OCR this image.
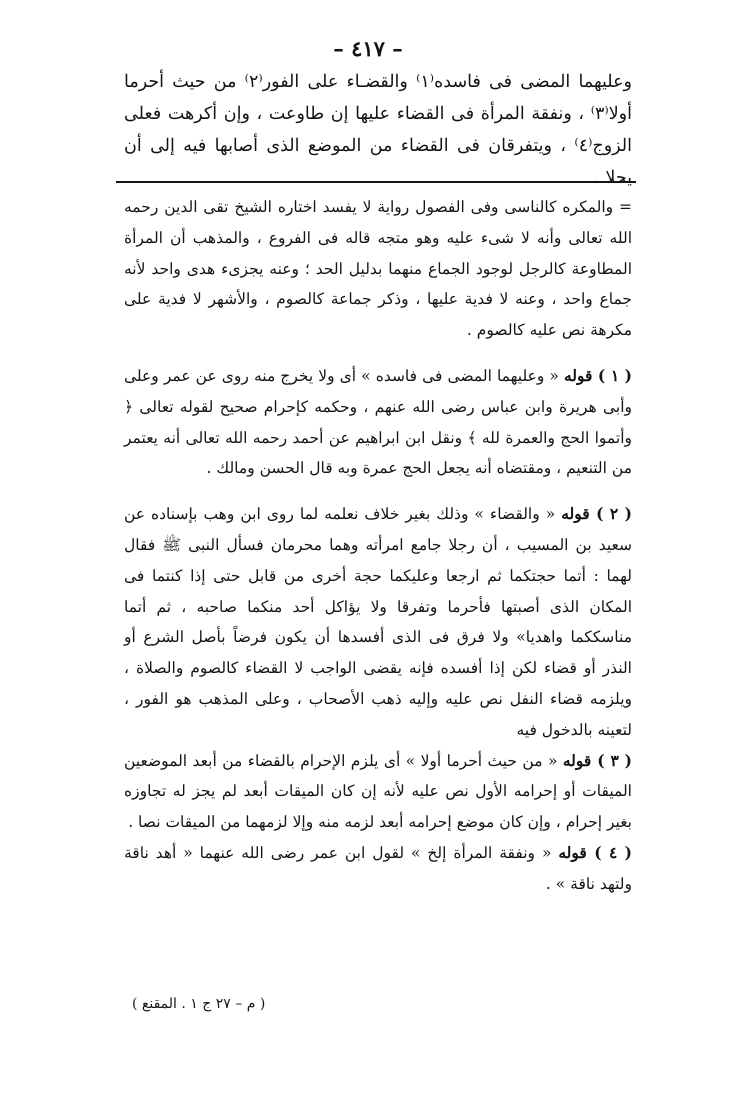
– ٤١٧ –

وعليهما المضى فى فاسده⁽١⁾ والقضـاء على الفور⁽٢⁾ من حيث أحرما أولا⁽٣⁾ ، ونفقة المرأة فى القضاء عليها إن طاوعت ، وإن أكرهت فعلى الزوج⁽٤⁾ ، ويتفرقان فى القضاء من الموضع الذى أصابها فيه إلى أن يحلا .

= والمكره كالناسى وفى الفصول رواية لا يفسد اختاره الشيخ تقى الدين رحمه الله تعالى وأنه لا شىء عليه وهو متجه قاله فى الفروع ، والمذهب أن المرأة المطاوعة كالرجل لوجود الجماع منهما بدليل الحد ؛ وعنه يجزىء هدى واحد لأنه جماع واحد ، وعنه لا فدية عليها ، وذكر جماعة كالصوم ، والأشهر لا فدية على مكرهة نص عليه كالصوم .

( ١ ) قوله « وعليهما المضى فى فاسده » أى ولا يخرج منه روى عن عمر وعلى وأبى هريرة وابن عباس رضى الله عنهم ، وحكمه كإحرام صحيح لقوله تعالى ﴿ وأتموا الحج والعمرة لله ﴾ ونقل ابن ابراهيم عن أحمد رحمه الله تعالى أنه يعتمر من التنعيم ، ومقتضاه أنه يجعل الحج عمرة وبه قال الحسن ومالك .

( ٢ ) قوله « والقضاء » وذلك بغير خلاف نعلمه لما روى ابن وهب بإسناده عن سعيد بن المسيب ، أن رجلا جامع امرأته وهما محرمان فسأل النبى ﷺ فقال لهما : أتما حجتكما ثم ارجعا وعليكما حجة أخرى من قابل حتى إذا كنتما فى المكان الذى أصبتها فأحرما وتفرقا ولا يؤاكل أحد منكما صاحبه ، ثم أتما مناسككما واهديا» ولا فرق فى الذى أفسدها أن يكون فرضاً بأصل الشرع أو النذر أو قضاء لكن إذا أفسده فإنه يقضى الواجب لا القضاء كالصوم والصلاة ، ويلزمه قضاء النفل نص عليه وإليه ذهب الأصحاب ، وعلى المذهب هو الفور ، لتعينه بالدخول فيه

( ٣ ) قوله « من حيث أحرما أولا » أى يلزم الإحرام بالقضاء من أبعد الموضعين الميقات أو إحرامه الأول نص عليه لأنه إن كان الميقات أبعد لم يجز له تجاوزه بغير إحرام ، وإن كان موضع إحرامه أبعد لزمه منه وإلا لزمهما من الميقات نصا .

( ٤ ) قوله « ونفقة المرأة إلخ » لقول ابن عمر رضى الله عنهما « أهد ناقة ولتهد ناقة » .

( م – ٢٧ ج ١ . المقنع )
